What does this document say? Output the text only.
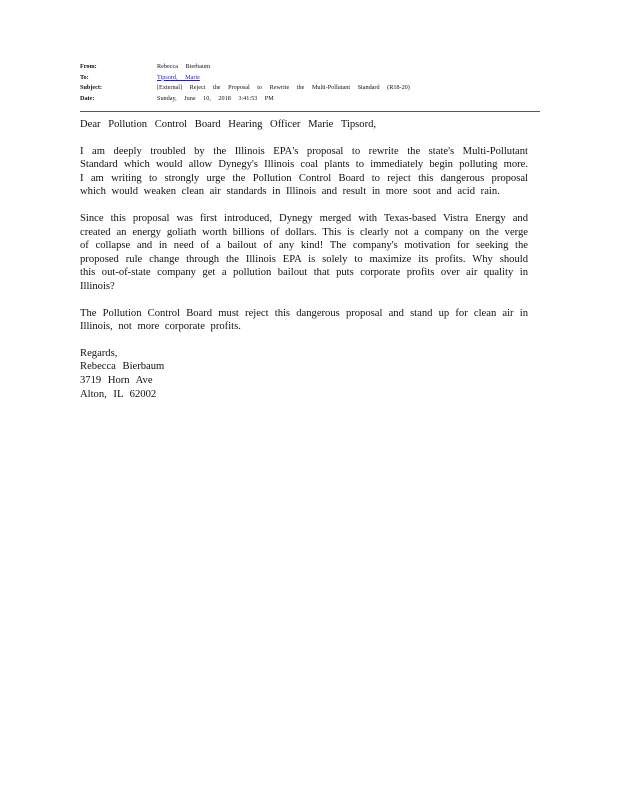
From:	Rebecca Bierbaum
To:	Tipsord, Marie
Subject:	[External] Reject the Proposal to Rewrite the Multi-Pollutant Standard (R18-20)
Date:	Sunday, June 10, 2018 3:41:53 PM

Dear Pollution Control Board Hearing Officer Marie Tipsord,

I am deeply troubled by the Illinois EPA's proposal to rewrite the state's Multi-Pollutant Standard which would allow Dynegy's Illinois coal plants to immediately begin polluting more. I am writing to strongly urge the Pollution Control Board to reject this dangerous proposal which would weaken clean air standards in Illinois and result in more soot and acid rain.

Since this proposal was first introduced, Dynegy merged with Texas-based Vistra Energy and created an energy goliath worth billions of dollars. This is clearly not a company on the verge of collapse and in need of a bailout of any kind! The company's motivation for seeking the proposed rule change through the Illinois EPA is solely to maximize its profits. Why should this out-of-state company get a pollution bailout that puts corporate profits over air quality in Illinois?

The Pollution Control Board must reject this dangerous proposal and stand up for clean air in Illinois, not more corporate profits.

Regards,
Rebecca Bierbaum
3719 Horn Ave
Alton, IL 62002
